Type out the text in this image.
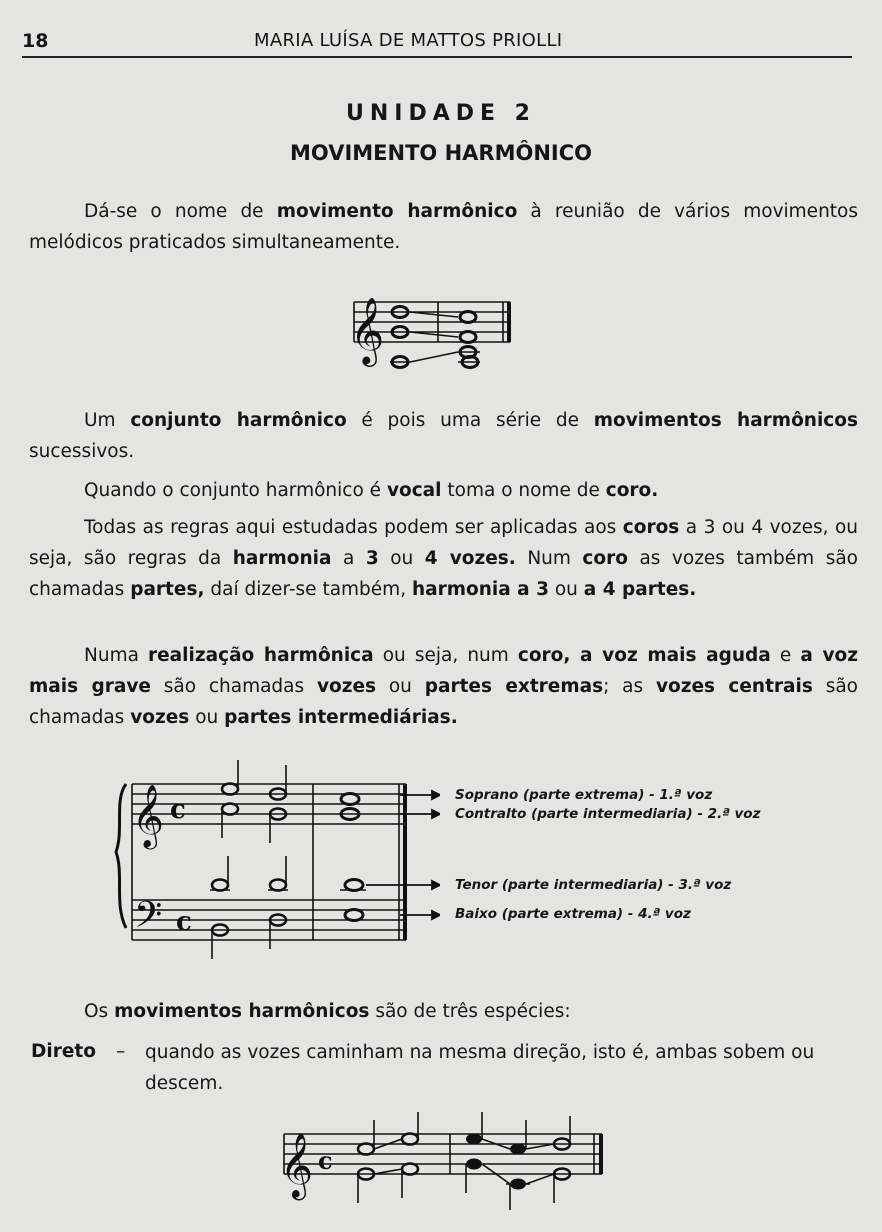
18	MARIA LUÍSA DE MATTOS PRIOLLI
UNIDADE 2
MOVIMENTO HARMÔNICO
Dá-se o nome de movimento harmônico à reunião de vários movimentos melódicos praticados simultaneamente.
𝄞
Um conjunto harmônico é pois uma série de movimentos harmônicos sucessivos.
Quando o conjunto harmônico é vocal toma o nome de coro.
Todas as regras aqui estudadas podem ser aplicadas aos coros a 3 ou 4 vozes, ou seja, são regras da harmonia a 3 ou 4 vozes. Num coro as vozes também são chamadas partes, daí dizer-se também, harmonia a 3 ou a 4 partes.
Numa realização harmônica ou seja, num coro, a voz mais aguda e a voz mais grave são chamadas vozes ou partes extremas; as vozes centrais são chamadas vozes ou partes intermediárias.
𝄞
𝄢
c
c
Soprano (parte extrema) - 1.ª voz
Contralto (parte intermediaria) - 2.ª voz
Tenor (parte intermediaria) - 3.ª voz
Baixo (parte extrema) - 4.ª voz
Os movimentos harmônicos são de três espécies:
Direto – quando as vozes caminham na mesma direção, isto é, ambas sobem ou descem.
𝄞 c
